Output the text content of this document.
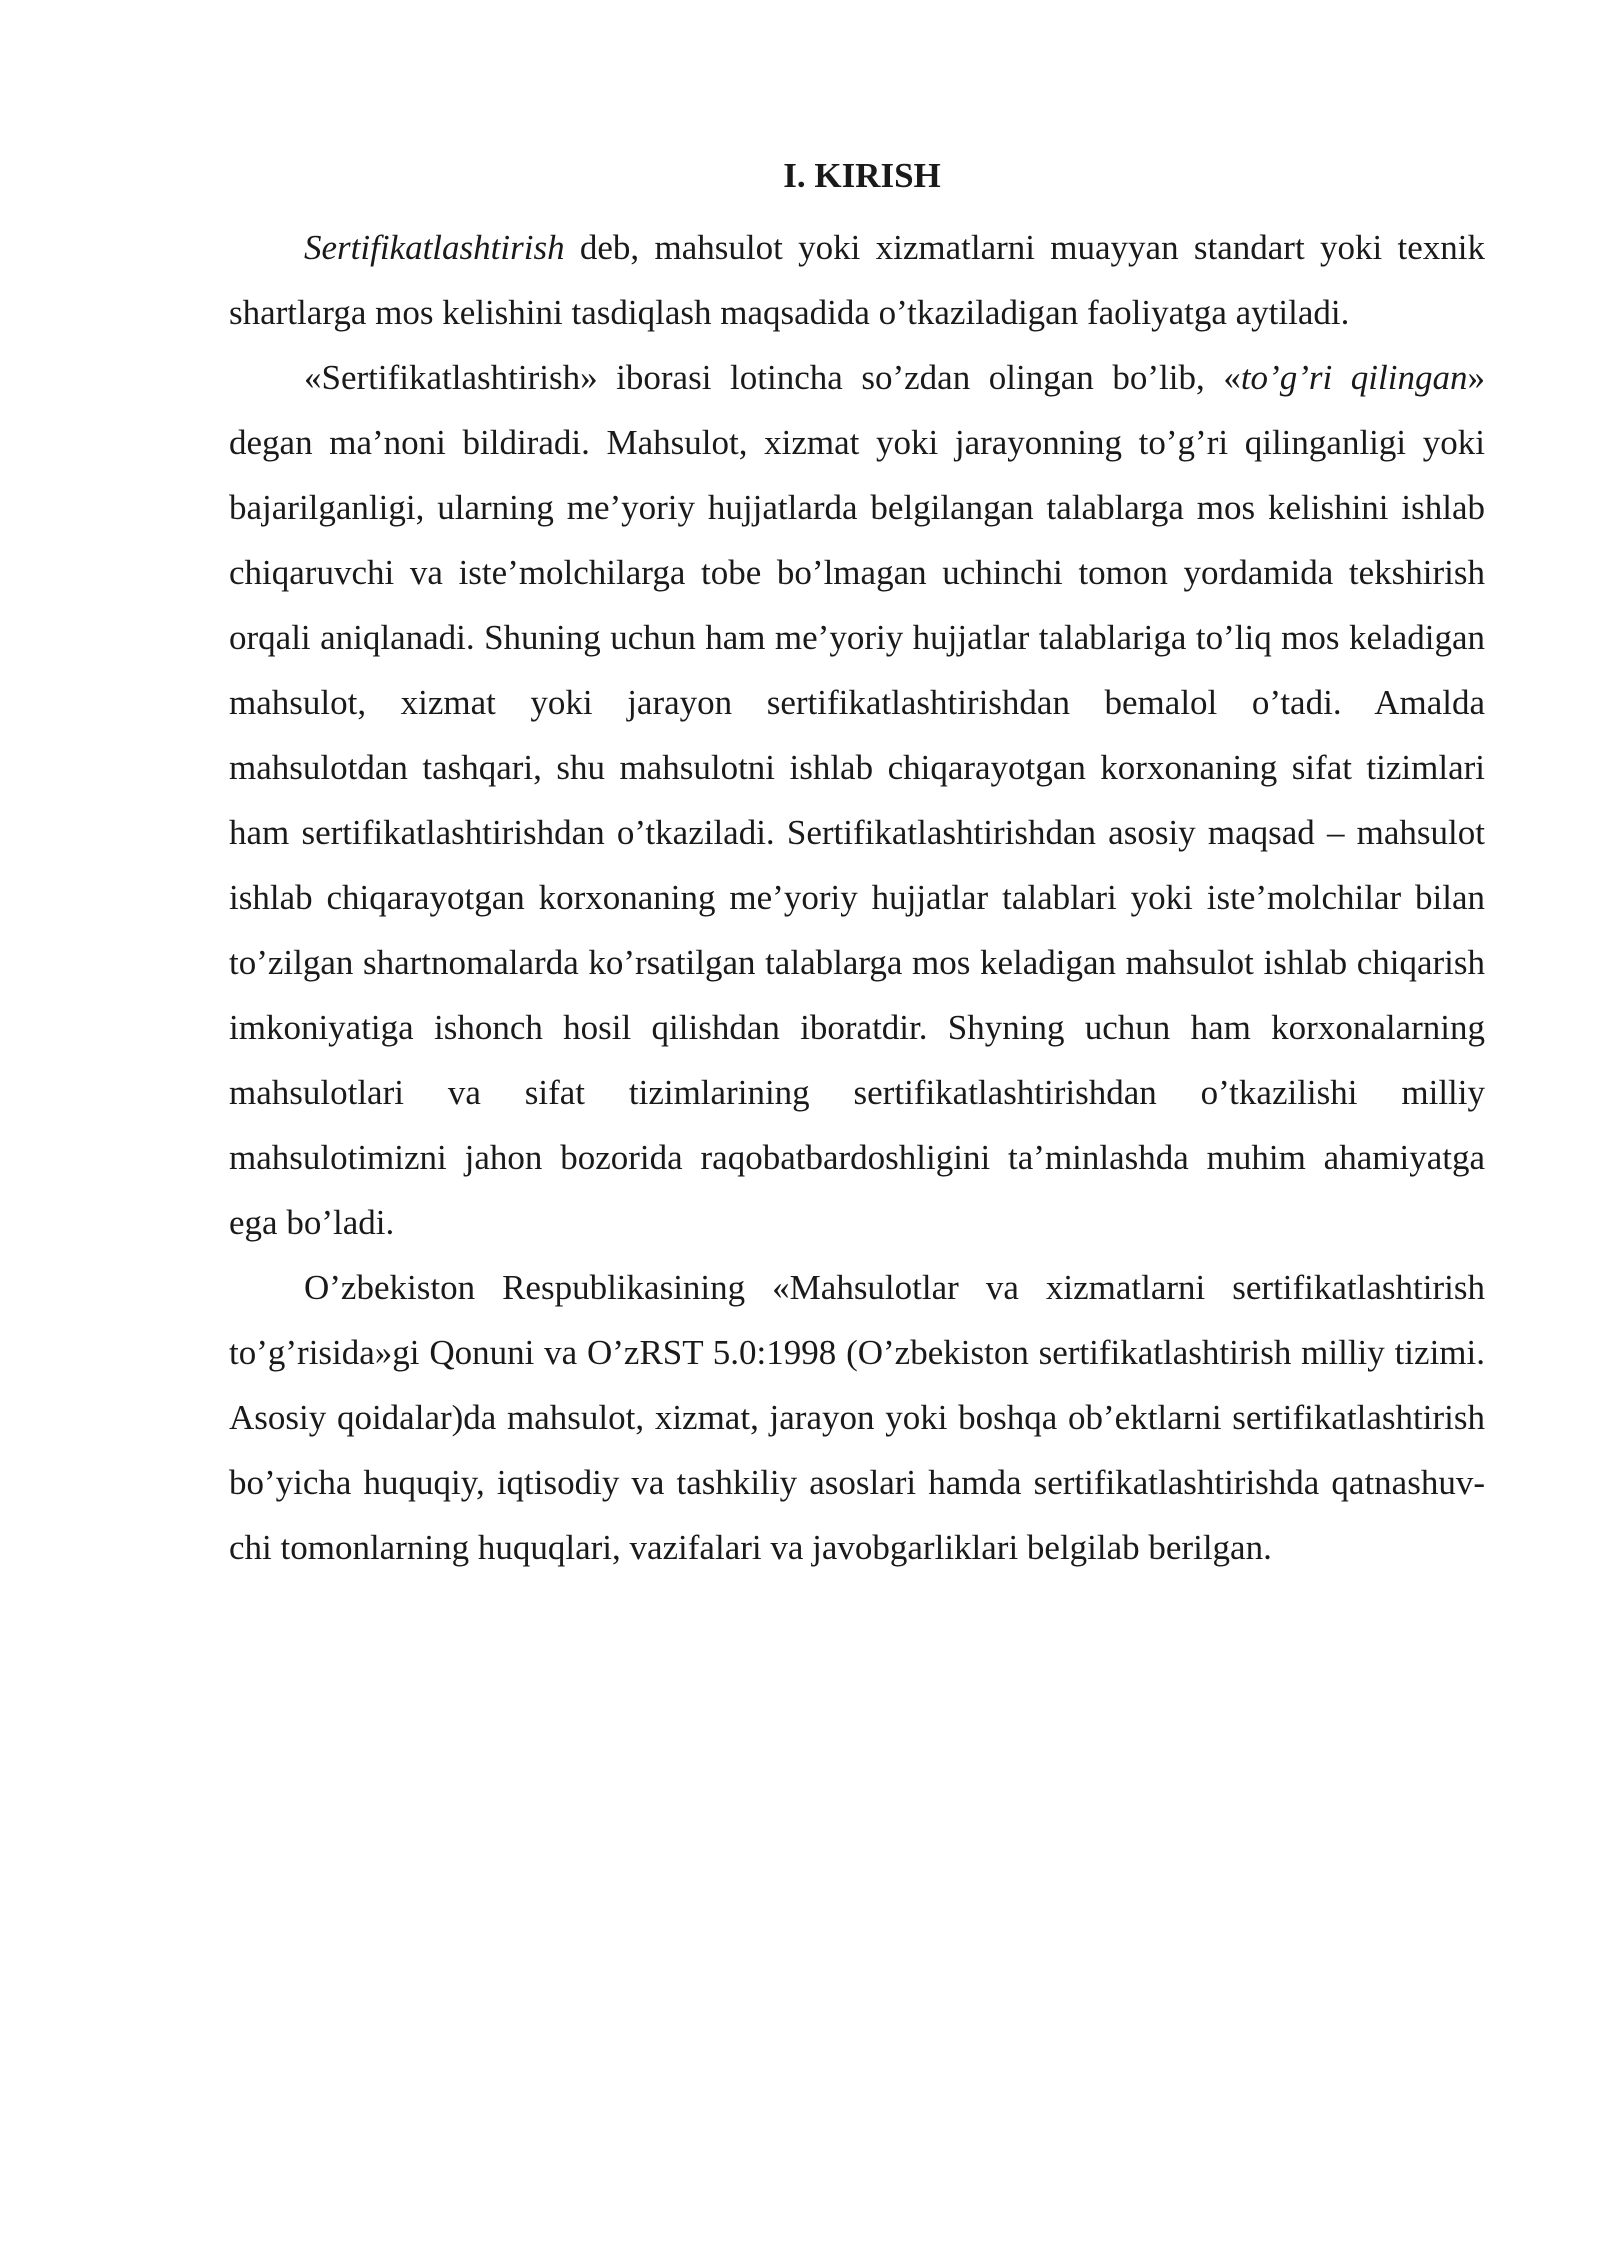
I. KIRISH

Sertifikatlashtirish deb, mahsulot yoki xizmatlarni muayyan standart yoki texnik shartlarga mos kelishini tasdiqlash maqsadida o’tkaziladigan faoliyatga aytiladi.

«Sertifikatlashtirish» iborasi lotincha so’zdan olingan bo’lib, «to’g’ri qilingan» degan ma’noni bildiradi. Mahsulot, xizmat yoki jarayonning to’g’ri qilinganligi yoki bajarilganligi, ularning me’yoriy hujjatlarda belgilangan talablarga mos kelishini ishlab chiqaruvchi va iste’molchilarga tobe bo’lmagan uchinchi tomon yordamida tekshirish orqali aniqlanadi. Shuning uchun ham me’yoriy hujjatlar talablariga to’liq mos keladigan mahsulot, xizmat yoki jarayon sertifikatlashtirishdan bemalol o’tadi. Amalda mahsulotdan tashqari, shu mahsulotni ishlab chiqarayotgan korxonaning sifat tizimlari ham sertifikatlashtirishdan o’tkaziladi. Sertifikatlashtirishdan asosiy maqsad – mahsulot ishlab chiqarayotgan korxonaning me’yoriy hujjatlar talablari yoki iste’molchilar bilan to’zilgan shartnomalarda ko’rsatilgan talablarga mos keladigan mahsulot ishlab chiqarish imkoniyatiga ishonch hosil qilishdan iboratdir. Shyning uchun ham korxonalarning mahsulotlari va sifat tizimlarining sertifikatlashtirishdan o’tkazilishi milliy mahsulotimizni jahon bozorida raqobatbardoshligini ta’minlashda muhim ahamiyatga ega bo’ladi.

O’zbekiston Respublikasining «Mahsulotlar va xizmatlarni sertifikatlashtirish to’g’risida»gi Qonuni va O’zRST 5.0:1998 (O’zbekiston sertifikatlashtirish milliy tizimi. Asosiy qoidalar)da mahsulot, xizmat, jarayon yoki boshqa ob’ektlarni sertifikatlashtirish bo’yicha huquqiy, iqtisodiy va tashkiliy asoslari hamda sertifikatlashtirishda qatnashuv-chi tomonlarning huquqlari, vazifalari va javobgarliklari belgilab berilgan.
